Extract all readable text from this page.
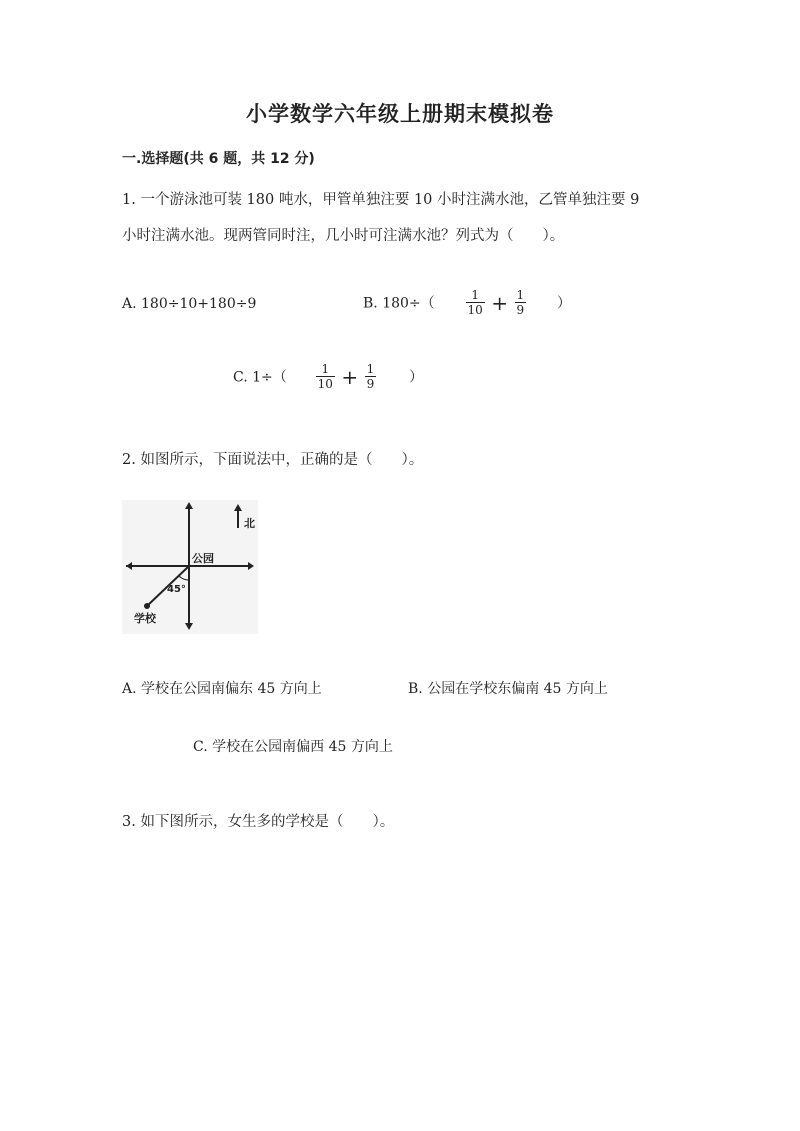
小学数学六年级上册期末模拟卷
一.选择题(共 6 题，共 12 分)
1. 一个游泳池可装 180 吨水，甲管单独注要 10 小时注满水池，乙管单独注要 9
小时注满水池。现两管同时注，几小时可注满水池？列式为（　　）。
A. 180÷10+180÷9	B. 180÷（	$\frac{1}{10} + \frac{1}{9}$ ）
C. $1\div( \frac{1}{10} + \frac{1}{9}$ ）
2. 如图所示，下面说法中，正确的是（　　）。
北
公园
45°
学校
A. 学校在公园南偏东 45 方向上	B. 公园在学校东偏南 45 方向上
C. 学校在公园南偏西 45 方向上
3. 如下图所示，女生多的学校是（　　）。
